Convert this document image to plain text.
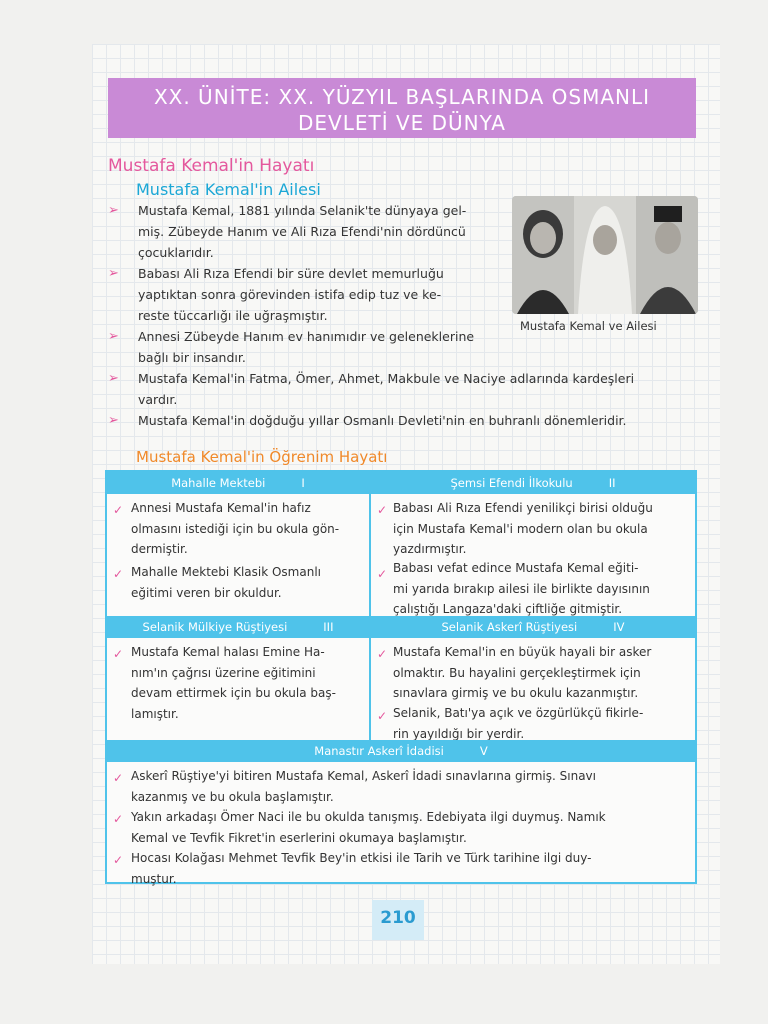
XX. ÜNİTE: XX. YÜZYIL BAŞLARINDA OSMANLI
DEVLETİ VE DÜNYA
Mustafa Kemal'in Hayatı
Mustafa Kemal'in Ailesi
➢ Mustafa Kemal, 1881 yılında Selanik'te dünyaya gel-
miş. Zübeyde Hanım ve Ali Rıza Efendi'nin dördüncü
çocuklarıdır.
➢ Babası Ali Rıza Efendi bir süre devlet memurluğu
yaptıktan sonra görevinden istifa edip tuz ve ke-
reste tüccarlığı ile uğraşmıştır.
➢ Annesi Zübeyde Hanım ev hanımıdır ve geleneklerine
bağlı bir insandır.
➢ Mustafa Kemal'in Fatma, Ömer, Ahmet, Makbule ve Naciye adlarında kardeşleri
vardır.
➢ Mustafa Kemal'in doğduğu yıllar Osmanlı Devleti'nin en buhranlı dönemleridir.
Mustafa Kemal ve Ailesi
Mustafa Kemal'in Öğrenim Hayatı
Mahalle Mektebi	I	Şemsi Efendi İlkokulu	II
✓ Annesi Mustafa Kemal'in hafız
olmasını istediği için bu okula gön-
dermiştir.
✓ Mahalle Mektebi Klasik Osmanlı
eğitimi veren bir okuldur.
✓ Babası Ali Rıza Efendi yenilikçi birisi olduğu
için Mustafa Kemal'i modern olan bu okula
yazdırmıştır.
✓ Babası vefat edince Mustafa Kemal eğiti-
mi yarıda bırakıp ailesi ile birlikte dayısının
çalıştığı Langaza'daki çiftliğe gitmiştir.
Selanik Mülkiye Rüştiyesi	III	Selanik Askerî Rüştiyesi	IV
✓ Mustafa Kemal halası Emine Ha-
nım'ın çağrısı üzerine eğitimini
devam ettirmek için bu okula baş-
lamıştır.
✓ Mustafa Kemal'in en büyük hayali bir asker
olmaktır. Bu hayalini gerçekleştirmek için
sınavlara girmiş ve bu okulu kazanmıştır.
✓ Selanik, Batı'ya açık ve özgürlükçü fikirle-
rin yayıldığı bir yerdir.
Manastır Askerî İdadisi	V
✓ Askerî Rüştiye'yi bitiren Mustafa Kemal, Askerî İdadi sınavlarına girmiş. Sınavı
kazanmış ve bu okula başlamıştır.
✓ Yakın arkadaşı Ömer Naci ile bu okulda tanışmış. Edebiyata ilgi duymuş. Namık
Kemal ve Tevfik Fikret'in eserlerini okumaya başlamıştır.
✓ Hocası Kolağası Mehmet Tevfik Bey'in etkisi ile Tarih ve Türk tarihine ilgi duy-
muştur.
210
